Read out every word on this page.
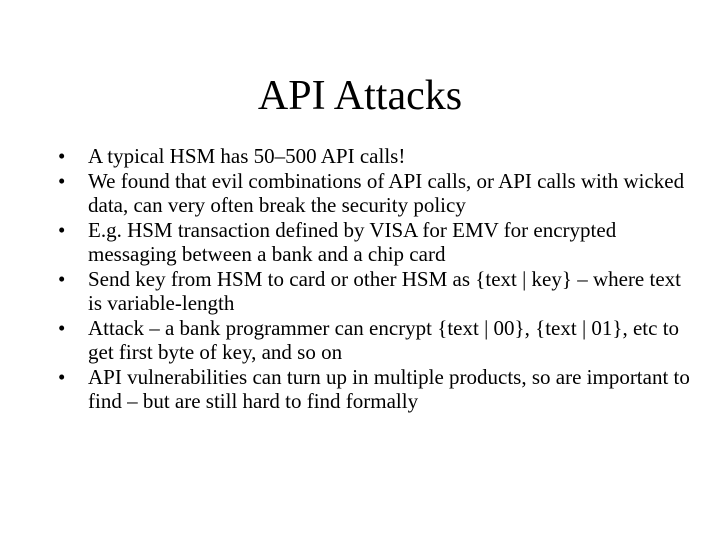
API Attacks
• A typical HSM has 50–500 API calls!
• We found that evil combinations of API calls, or API calls with wicked data, can very often break the security policy
• E.g. HSM transaction defined by VISA for EMV for encrypted messaging between a bank and a chip card
• Send key from HSM to card or other HSM as {text | key} – where text is variable-length
• Attack – a bank programmer can encrypt {text | 00}, {text | 01}, etc to get first byte of key, and so on
• API vulnerabilities can turn up in multiple products, so are important to find – but are still hard to find formally
